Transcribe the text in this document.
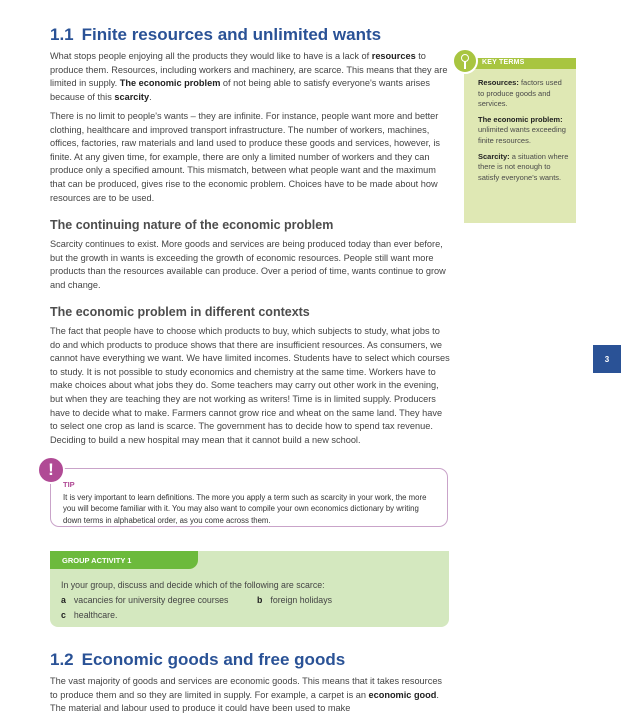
1.1 Finite resources and unlimited wants
What stops people enjoying all the products they would like to have is a lack of resources to produce them. Resources, including workers and machinery, are scarce. This means that they are limited in supply. The economic problem of not being able to satisfy everyone's wants arises because of this scarcity.
There is no limit to people's wants – they are infinite. For instance, people want more and better clothing, healthcare and improved transport infrastructure. The number of workers, machines, offices, factories, raw materials and land used to produce these goods and services, however, is finite. At any given time, for example, there are only a limited number of workers and they can produce only a specified amount. This mismatch, between what people want and the maximum that can be produced, gives rise to the economic problem. Choices have to be made about how resources are to be used.
The continuing nature of the economic problem
Scarcity continues to exist. More goods and services are being produced today than ever before, but the growth in wants is exceeding the growth of economic resources. People still want more products than the resources available can produce. Over a period of time, wants continue to grow and change.
The economic problem in different contexts
The fact that people have to choose which products to buy, which subjects to study, what jobs to do and which products to produce shows that there are insufficient resources. As consumers, we cannot have everything we want. We have limited incomes. Students have to select which courses to study. It is not possible to study economics and chemistry at the same time. Workers have to make choices about what jobs they do. Some teachers may carry out other work in the evening, but when they are teaching they are not working as writers! Time is in limited supply. Producers have to decide what to make. Farmers cannot grow rice and wheat on the same land. They have to select one crop as land is scarce. The government has to decide how to spend tax revenue. Deciding to build a new hospital may mean that it cannot build a new school.
KEY TERMS
Resources: factors used to produce goods and services.
The economic problem: unlimited wants exceeding finite resources.
Scarcity: a situation where there is not enough to satisfy everyone's wants.
3
TIP
It is very important to learn definitions. The more you apply a term such as scarcity in your work, the more you will become familiar with it. You may also want to compile your own economics dictionary by writing down terms in alphabetical order, as you come across them.
!
GROUP ACTIVITY 1
In your group, discuss and decide which of the following are scarce:
a vacancies for university degree courses	b foreign holidays
c healthcare.
1.2 Economic goods and free goods
The vast majority of goods and services are economic goods. This means that it takes resources to produce them and so they are limited in supply. For example, a carpet is an economic good. The material and labour used to produce it could have been used to make
